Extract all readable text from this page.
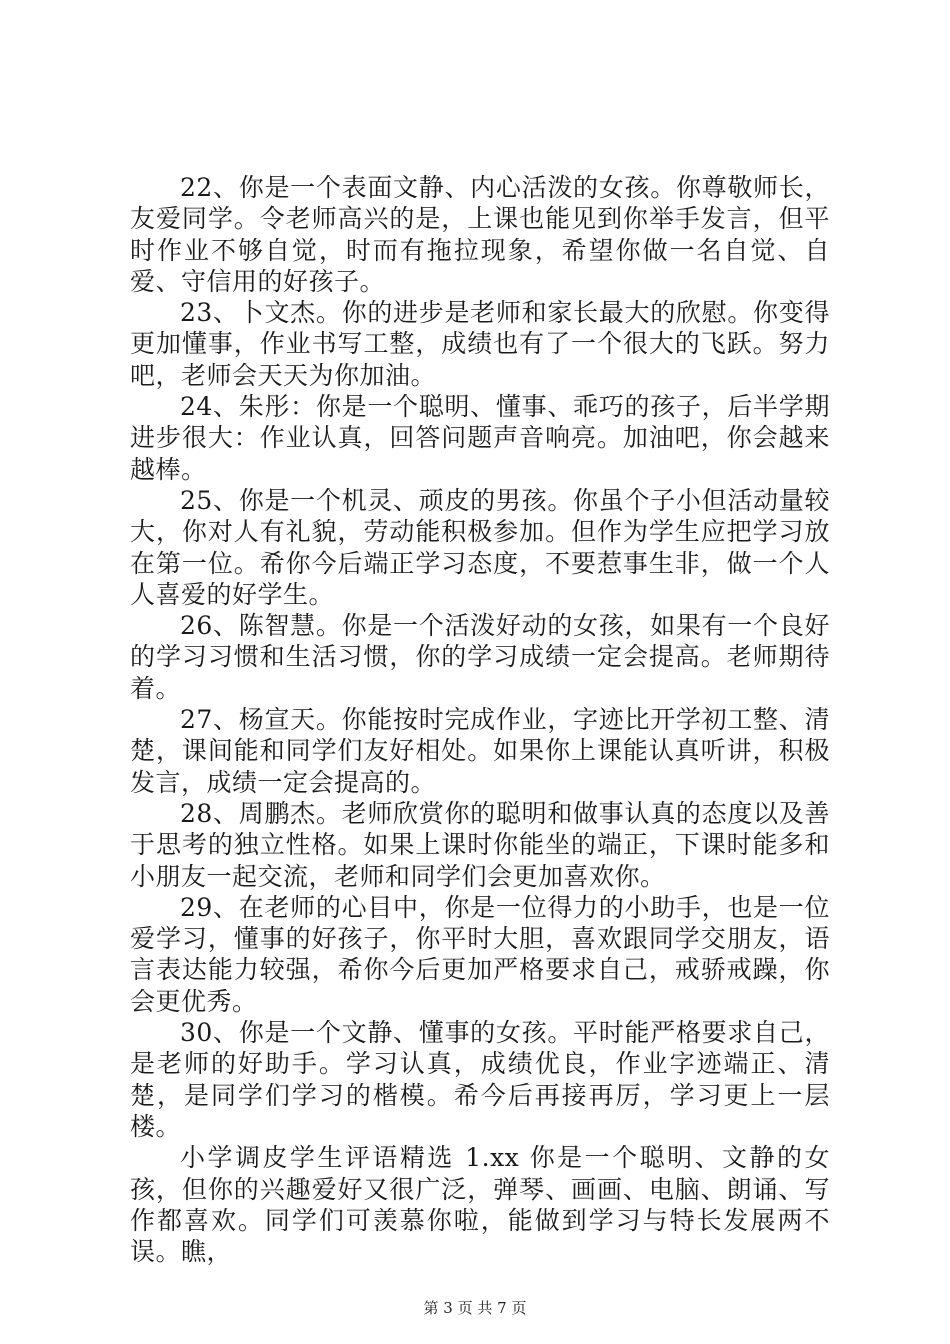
22、你是一个表面文静、内心活泼的女孩。你尊敬师长，友爱同学。令老师高兴的是，上课也能见到你举手发言，但平时作业不够自觉，时而有拖拉现象，希望你做一名自觉、自爱、守信用的好孩子。

23、卜文杰。你的进步是老师和家长最大的欣慰。你变得更加懂事，作业书写工整，成绩也有了一个很大的飞跃。努力吧，老师会天天为你加油。

24、朱彤：你是一个聪明、懂事、乖巧的孩子，后半学期进步很大：作业认真，回答问题声音响亮。加油吧，你会越来越棒。

25、你是一个机灵、顽皮的男孩。你虽个子小但活动量较大，你对人有礼貌，劳动能积极参加。但作为学生应把学习放在第一位。希你今后端正学习态度，不要惹事生非，做一个人人喜爱的好学生。

26、陈智慧。你是一个活泼好动的女孩，如果有一个良好的学习习惯和生活习惯，你的学习成绩一定会提高。老师期待着。

27、杨宣天。你能按时完成作业，字迹比开学初工整、清楚，课间能和同学们友好相处。如果你上课能认真听讲，积极发言，成绩一定会提高的。

28、周鹏杰。老师欣赏你的聪明和做事认真的态度以及善于思考的独立性格。如果上课时你能坐的端正，下课时能多和小朋友一起交流，老师和同学们会更加喜欢你。

29、在老师的心目中，你是一位得力的小助手，也是一位爱学习，懂事的好孩子，你平时大胆，喜欢跟同学交朋友，语言表达能力较强，希你今后更加严格要求自己，戒骄戒躁，你会更优秀。

30、你是一个文静、懂事的女孩。平时能严格要求自己，是老师的好助手。学习认真，成绩优良，作业字迹端正、清楚，是同学们学习的楷模。希今后再接再厉，学习更上一层楼。

小学调皮学生评语精选 1.xx 你是一个聪明、文静的女孩，但你的兴趣爱好又很广泛，弹琴、画画、电脑、朗诵、写作都喜欢。同学们可羡慕你啦，能做到学习与特长发展两不误。瞧，

第 3 页 共 7 页
